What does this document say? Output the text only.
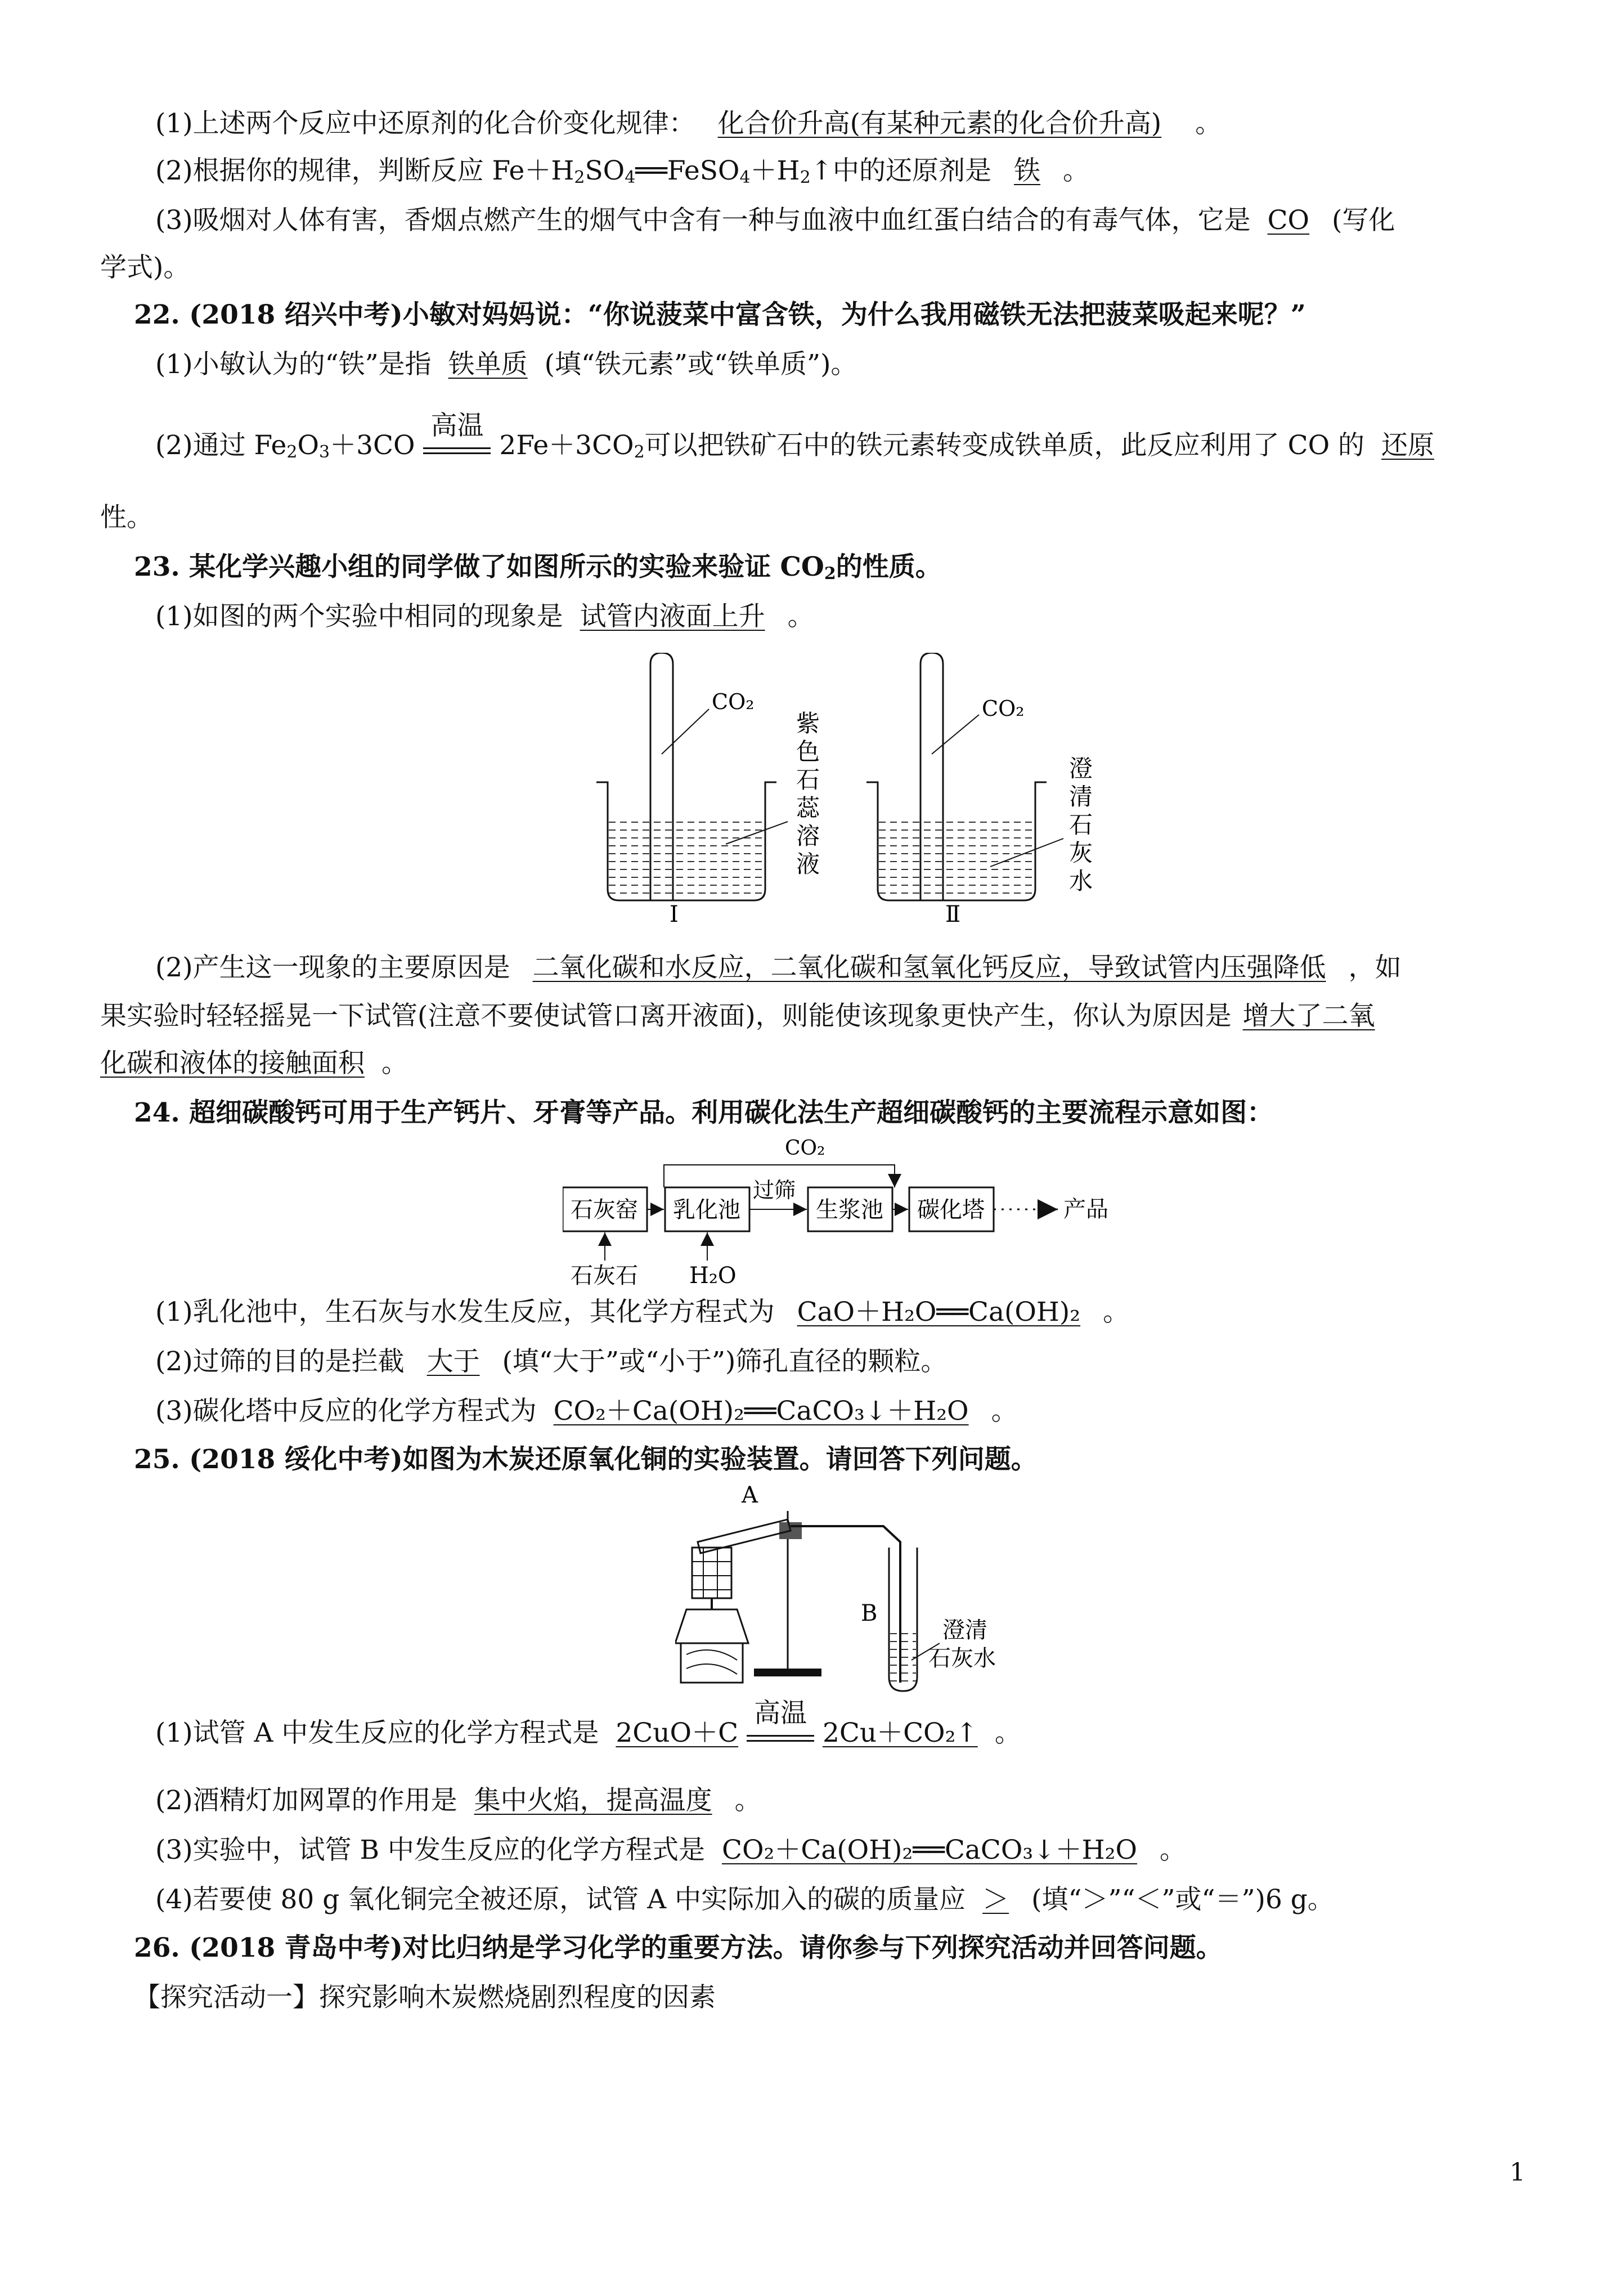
(1)上述两个反应中还原剂的化合价变化规律： 化合价升高(有某种元素的化合价升高) 。
(2)根据你的规律，判断反应 $Fe+H_2SO_4══FeSO_4+H_2↑$中的还原剂是 铁 。
(3)吸烟对人体有害，香烟点燃产生的烟气中含有一种与血液中血红蛋白结合的有毒气体，它是 CO (写化
学式)。
22. (2018 绍兴中考)小敏对妈妈说：“你说菠菜中富含铁，为什么我用磁铁无法把菠菜吸起来呢？”
(1)小敏认为的“铁”是指 铁单质 (填“铁元素”或“铁单质”)。
(2)通过 $Fe_2O_3+3CO$
高温
$2Fe+3CO_2$可以把铁矿石中的铁元素转变成铁单质，此反应利用了 CO 的 还原
性。
23. 某化学兴趣小组的同学做了如图所示的实验来验证 $CO_2$的性质。
(1)如图的两个实验中相同的现象是 试管内液面上升 。
CO₂
紫
色
石
蕊
溶
液
Ⅰ
CO₂
澄
清
石
灰
水
Ⅱ
(2)产生这一现象的主要原因是 二氧化碳和水反应，二氧化碳和氢氧化钙反应，导致试管内压强降低 ，如
果实验时轻轻摇晃一下试管(注意不要使试管口离开液面)，则能使该现象更快产生，你认为原因是 增大了二氧
化碳和液体的接触面积 。
24. 超细碳酸钙可用于生产钙片、牙膏等产品。利用碳化法生产超细碳酸钙的主要流程示意如图：
CO₂
石灰窑 乳化池
过筛
生浆池 碳化塔	产品
石灰石 H₂O
(1)乳化池中，生石灰与水发生反应，其化学方程式为 CaO＋H₂O══Ca(OH)₂ 。
(2)过筛的目的是拦截 大于 (填“大于”或“小于”)筛孔直径的颗粒。
(3)碳化塔中反应的化学方程式为 CO₂＋Ca(OH)₂══CaCO₃↓＋H₂O 。
25. (2018 绥化中考)如图为木炭还原氧化铜的实验装置。请回答下列问题。
A
B
澄清
石灰水
(1)试管 A 中发生反应的化学方程式是 2CuO＋C
高温
2Cu＋CO₂↑ 。
(2)酒精灯加网罩的作用是 集中火焰，提高温度 。
(3)实验中，试管 B 中发生反应的化学方程式是 CO₂＋Ca(OH)₂══CaCO₃↓＋H₂O 。
(4)若要使 80 g 氧化铜完全被还原，试管 A 中实际加入的碳的质量应 ＞ (填“＞”“＜”或“＝”)6 g。
26. (2018 青岛中考)对比归纳是学习化学的重要方法。请你参与下列探究活动并回答问题。
【探究活动一】探究影响木炭燃烧剧烈程度的因素
1
